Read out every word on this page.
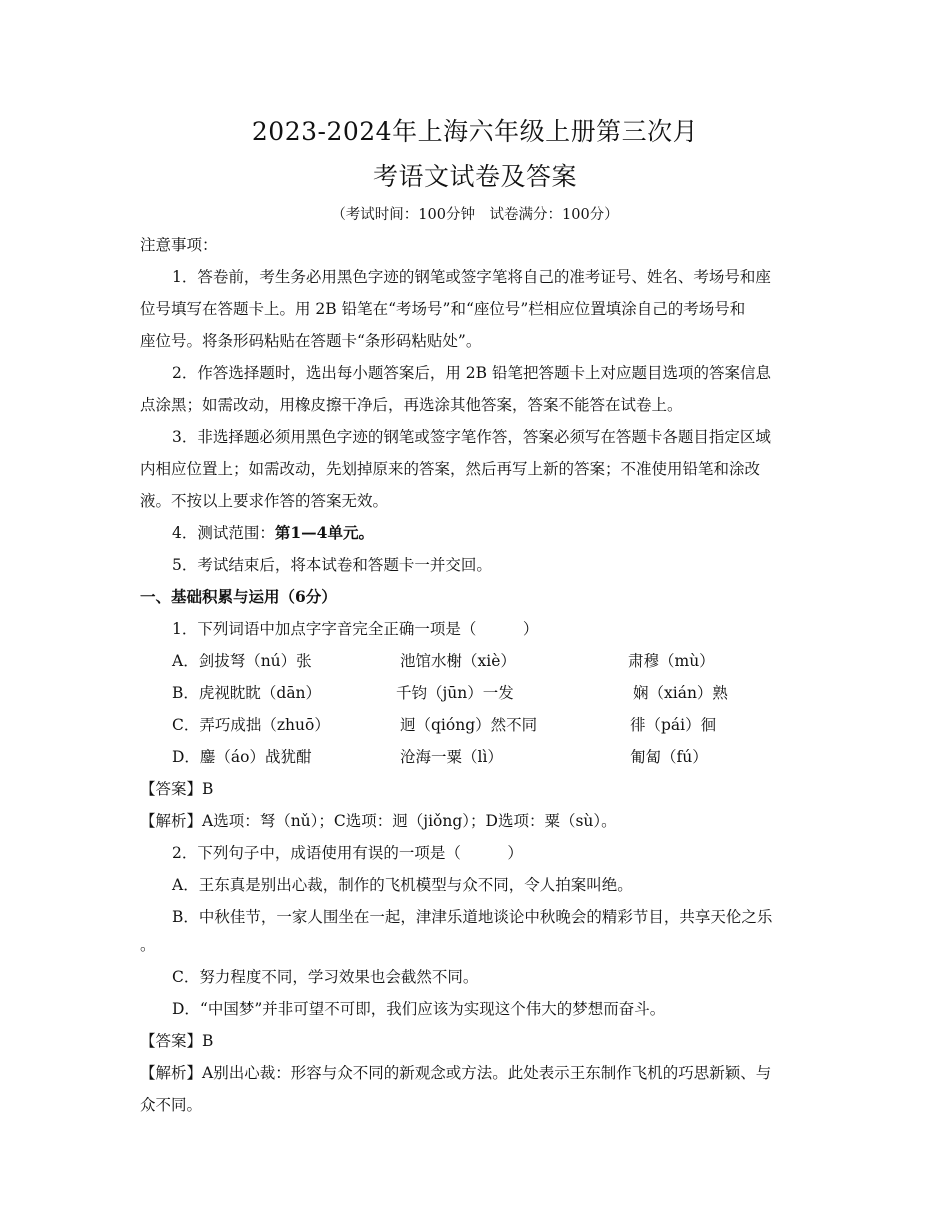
2023-2024年上海六年级上册第三次月
考语文试卷及答案
（考试时间：100分钟　试卷满分：100分）
注意事项：
1．答卷前，考生务必用黑色字迹的钢笔或签字笔将自己的准考证号、姓名、考场号和座
位号填写在答题卡上。用 2B 铅笔在“考场号”和“座位号”栏相应位置填涂自己的考场号和
座位号。将条形码粘贴在答题卡“条形码粘贴处”。
2．作答选择题时，选出每小题答案后，用 2B 铅笔把答题卡上对应题目选项的答案信息
点涂黑；如需改动，用橡皮擦干净后，再选涂其他答案，答案不能答在试卷上。
3．非选择题必须用黑色字迹的钢笔或签字笔作答，答案必须写在答题卡各题目指定区域
内相应位置上；如需改动，先划掉原来的答案，然后再写上新的答案；不准使用铅笔和涂改
液。不按以上要求作答的答案无效。
4．测试范围：第1—4单元。
5．考试结束后，将本试卷和答题卡一并交回。
一、基础积累与运用（6分）
1．下列词语中加点字字音完全正确一项是（　　　）
A．剑拔弩（nú）张	池馆水榭（xiè）	肃穆（mù）
B．虎视眈眈（dān）	千钧（jūn）一发	娴（xián）熟
C．弄巧成拙（zhuō）	迥（qióng）然不同	徘（pái）徊
D．鏖（áo）战犹酣	沧海一粟（lì）	匍匐（fú）
【答案】B
【解析】A选项：弩（nǔ）；C选项：迥（jiǒng）；D选项：粟（sù）。
2．下列句子中，成语使用有误的一项是（　　　）
A．王东真是别出心裁，制作的飞机模型与众不同，令人拍案叫绝。
B．中秋佳节，一家人围坐在一起，津津乐道地谈论中秋晚会的精彩节目，共享天伦之乐
。
C．努力程度不同，学习效果也会截然不同。
D．“中国梦”并非可望不可即，我们应该为实现这个伟大的梦想而奋斗。
【答案】B
【解析】A别出心裁：形容与众不同的新观念或方法。此处表示王东制作飞机的巧思新颖、与
众不同。
